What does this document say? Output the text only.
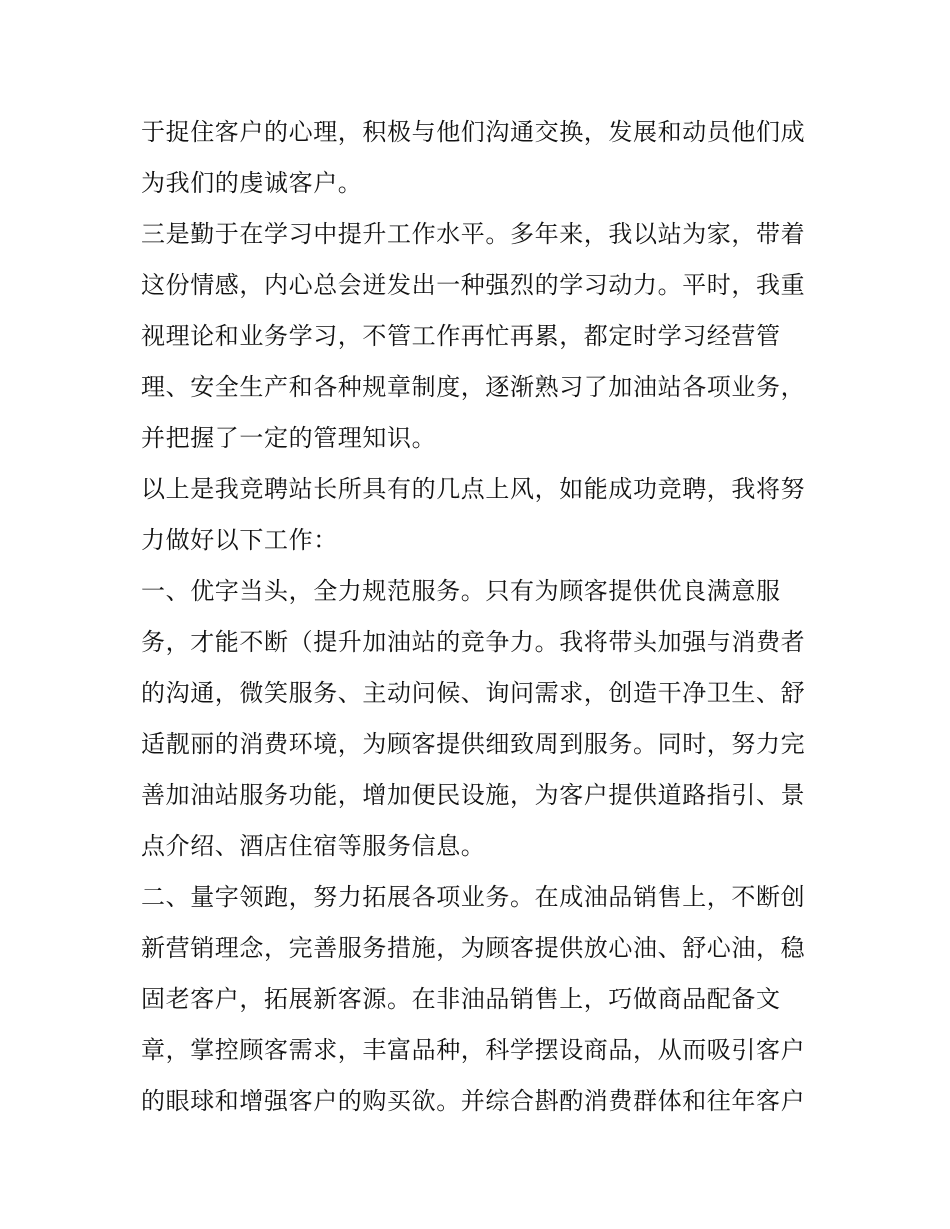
于捉住客户的心理，积极与他们沟通交换，发展和动员他们成
为我们的虔诚客户。
三是勤于在学习中提升工作水平。多年来，我以站为家，带着
这份情感，内心总会迸发出一种强烈的学习动力。平时，我重
视理论和业务学习，不管工作再忙再累，都定时学习经营管
理、安全生产和各种规章制度，逐渐熟习了加油站各项业务，
并把握了一定的管理知识。
以上是我竞聘站长所具有的几点上风，如能成功竞聘，我将努
力做好以下工作：
一、优字当头，全力规范服务。只有为顾客提供优良满意服
务，才能不断（提升加油站的竞争力。我将带头加强与消费者
的沟通，微笑服务、主动问候、询问需求，创造干净卫生、舒
适靓丽的消费环境，为顾客提供细致周到服务。同时，努力完
善加油站服务功能，增加便民设施，为客户提供道路指引、景
点介绍、酒店住宿等服务信息。
二、量字领跑，努力拓展各项业务。在成油品销售上，不断创
新营销理念，完善服务措施，为顾客提供放心油、舒心油，稳
固老客户，拓展新客源。在非油品销售上，巧做商品配备文
章，掌控顾客需求，丰富品种，科学摆设商品，从而吸引客户
的眼球和增强客户的购买欲。并综合斟酌消费群体和往年客户
